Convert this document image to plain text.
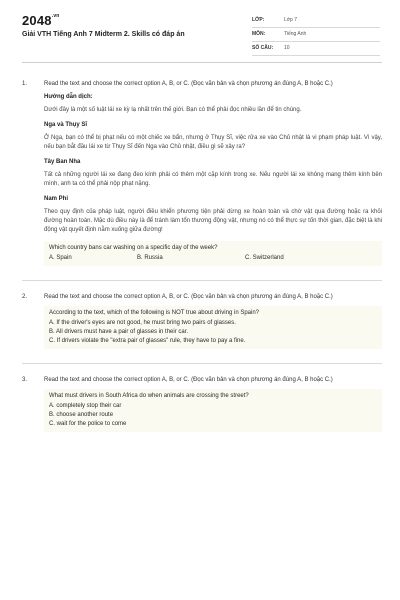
$2048^{.vn}$
Giải VTH Tiếng Anh 7 Midterm 2. Skills có đáp án
LỚP:	Lớp 7
MÔN:	Tiếng Anh
SỐ CÂU:	10
1.	Read the text and choose the correct option A, B, or C. (Đọc văn bản và chọn phương án đúng A, B hoặc C.)
Hướng dẫn dịch:
Dưới đây là một số luật lái xe kỳ lạ nhất trên thế giới. Bạn có thể phải đọc nhiều lần để tin chúng.
Nga và Thụy Sĩ
Ở Nga, bạn có thể bị phạt nếu có một chiếc xe bẩn, nhưng ở Thụy Sĩ, việc rửa xe vào Chủ nhật là vi phạm pháp luật. Vì vậy, nếu bạn bắt đầu lái xe từ Thụy Sĩ đến Nga vào Chủ nhật, điều gì sẽ xảy ra?
Tây Ban Nha
Tất cả những người lái xe đang đeo kính phải có thêm một cặp kính trong xe. Nếu người lái xe không mang thêm kính bên mình, anh ta có thể phải nộp phạt nặng.
Nam Phi
Theo quy định của pháp luật, người điều khiển phương tiện phải dừng xe hoàn toàn và chờ vật qua đường hoặc ra khỏi đường hoàn toàn. Mặc dù điều này là để tránh làm tổn thương động vật, nhưng nó có thể thực sự tốn thời gian, đặc biệt là khi động vật quyết định nằm xuống giữa đường!
Which country bans car washing on a specific day of the week?
A. Spain	B. Russia	C. Switzerland
2.	Read the text and choose the correct option A, B, or C. (Đọc văn bản và chọn phương án đúng A, B hoặc C.)
According to the text, which of the following is NOT true about driving in Spain?
A. If the driver's eyes are not good, he must bring two pairs of glasses.
B. All drivers must have a pair of glasses in their car.
C. If drivers violate the "extra pair of glasses" rule, they have to pay a fine.
3.	Read the text and choose the correct option A, B, or C. (Đọc văn bản và chọn phương án đúng A, B hoặc C.)
What must drivers in South Africa do when animals are crossing the street?
A. completely stop their car
B. choose another route
C. wait for the police to come
